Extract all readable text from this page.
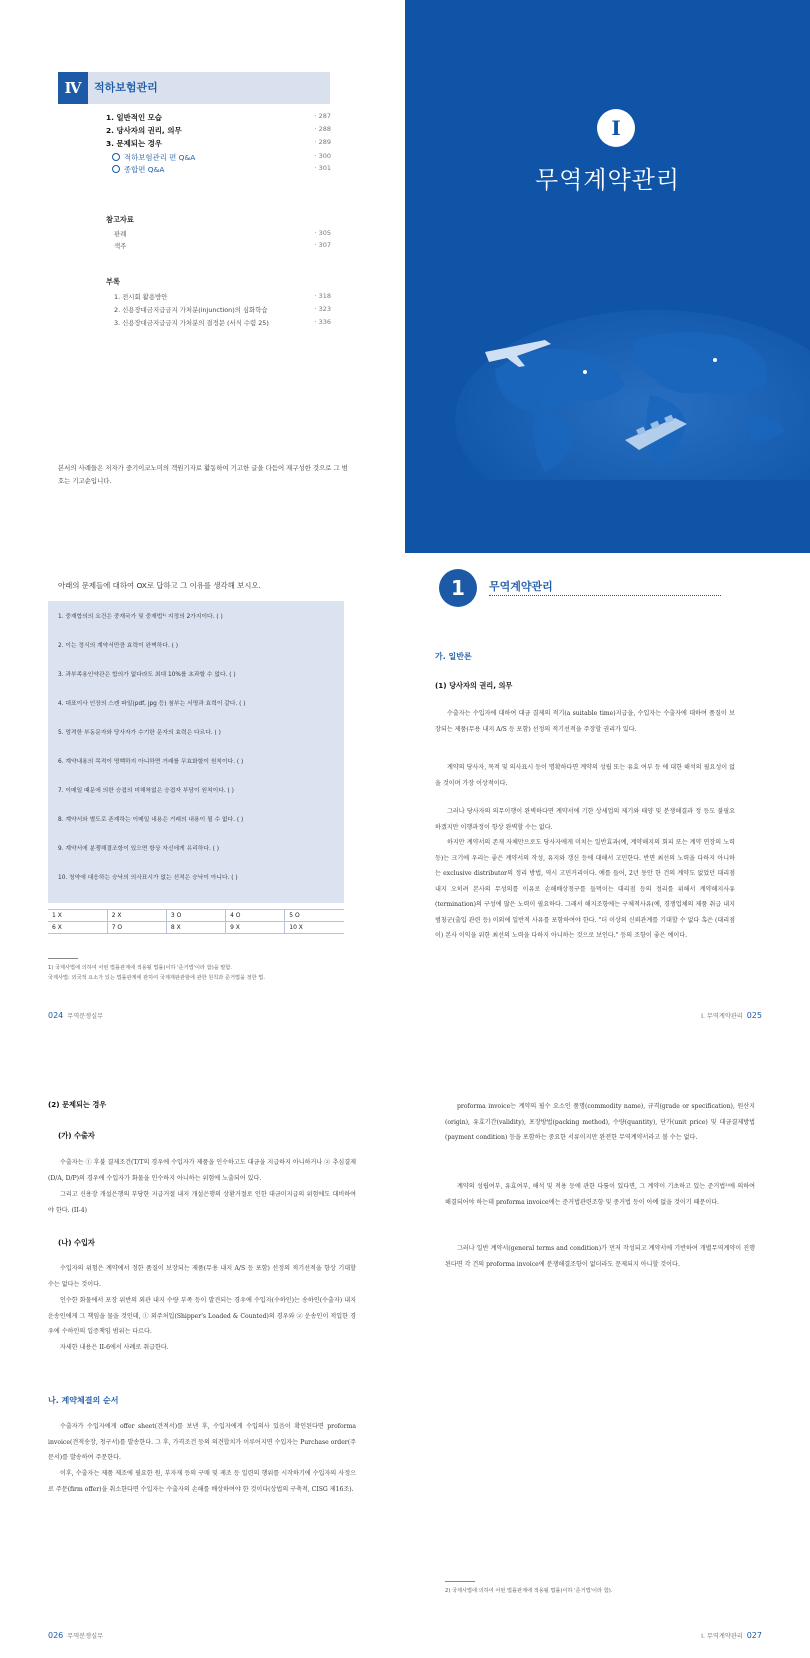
Ⅳ	적하보험관리
1. 일반적인 모습	· 287
2. 당사자의 권리, 의무	· 288
3. 문제되는 경우	· 289
적하보험관리 편 Q&A	· 300
종합편 Q&A	· 301
참고자료
판례	· 305
색주	· 307
부록
1. 전시회 활용방안	· 318
2. 신용장대금지급금지 가처분(injunction)의 심화학습	· 323
3. 신용장대금지급금지 가처분의 결정문 (서식 수렴 25)	· 336
본서의 사례들은 저자가 중기이코노미의 객원기자로 활동하여 기고한 글을 다듬어 재구성한 것으로 그 범호는 기고순입니다.
I
무역계약관리
아래의 문제들에 대하여 OX로 답하고 그 이유를 생각해 보시오.
1. 중재합의의 요건은 중재국가 및 중재법¹⁾ 지정의 2가지이다. ( )
2. 이는 정식의 계약서만큼 효력이 완벽하다. ( )
3. 과부족용인약관은 합의가 없다라도 최대 10%를 초과할 수 없다. ( )
4. 대표이사 인장의 스캔 파일(pdf, jpg 등) 첨부는 서명과 효력이 같다. ( )
5. 엄격한 부동문자와 당사자가 수기한 문자의 효력은 다르다. ( )
6. 계약내용의 목적이 명백하지 아니하면 거래를 무효화할이 원칙이다. ( )
7. 이메일 때문에 의한 승겹의 미해착없은 승겹자 부담이 원칙이다. ( )
8. 계약서와 별도로 존재하는 이메일 내용은 거래의 내용이 될 수 없다. ( )
9. 계약서에 분쟁해결조항이 있으면 항상 자신에게 유리하다. ( )
10. 청약에 대응하는 승낙의 의사표시가 없는 선적은 승낙이 아니다. ( )
1 X	2 X	3 O	4 O	5 O
6 X	7 O	8 X	9 X	10 X
1) 국제사법에 의하여 어떤 법률관계에 적용될 법률(이하 '준거법'이라 함)을 말함.
국제사법: 외국적 요소가 있는 법률관계에 관하여 국제재판관할에 관한 원칙과 준거법을 정한 법.
024 무역분쟁실무
1	무역계약관리
가. 일반론
(1) 당사자의 권리, 의무
수출자는 수입자에 대하여 대금 결제의 적기(a suitable time)지급을, 수입자는 수출자에 대하여 품질이 보장되는 제품(무용 내지 A/S 등 포함) 선정의 적기선적을 주장할 권리가 있다.
계약의 당사자, 목적 및 의사표시 등이 명확하다면 계약의 성립 또는 유효 여부 등 에 대한 해석의 필요성이 없을 것이며 가장 이상적이다.
그러나 당사자의 의무이행이 완벽하다면 계약서에 기한 상세업의 제기와 태양 및 분쟁해결과 정 등도 불필요하겠지만 이행과정이 항상 완벽할 수는 없다.
하지만 계약서의 존재 자체만으로도 당사자에게 미치는 일반효과(예, 계약해지의 회피 또는 계약 연장의 노력 등)는 크기에 우리는 좋은 계약서의 작성, 유지와 갱신 등에 대해서 고민한다. 반면 최선의 노력을 다하지 아니하는 exclusive distributor의 정리 방법, 역시 고민거리이다. 예를 들어, 2년 동안 한 건의 계약도 없었던 대리점 내지 오히려 본사의 무성의를 이유로 손해배상청구를 들먹이는 대리점 등의 정리를 위해서 계약해지사유(termination)의 구성에 많은 노력이 필요하다. 그래서 해지조항에는 구체적사유(예, 경쟁업체의 제품 취급 내지 범칭군(출입 관련 등) 이외에 일반적 사유를 포함하여야 한다. "더 이상의 신뢰관계를 기대할 수 없다 혹은 (대리점이) 본사 이익을 위한 최선의 노력을 다하지 아니하는 것으로 보인다." 등의 조항이 좋은 예이다.
I. 무역계약관리 025
(2) 문제되는 경우
(가) 수출자
수출자는 ① 후불 결제조건(T/T의 경우에 수입자가 제품을 인수하고도 대금을 지급하지 아니하거나 ② 추심결제(D/A, D/P)의 경우에 수입자가 화물을 인수하지 아니하는 위험에 노출되어 있다.
그리고 신용장 개설은행의 부당한 지급거절 내지 개설은행의 상환거절로 인한 대금미지급의 위험에도 대비하여야 한다. (II-4)
(나) 수입자
수입자의 위험은 계약에서 정한 품질이 보장되는 제품(무용 내지 A/S 등 포함) 선정의 적기선적을 항상 기대할 수는 없다는 것이다.
인수한 화물에서 포장 위반의 외관 내지 수량 부족 등이 발견되는 경우에 수입자(수하인)는 송하인(수출자) 내지 운송인에게 그 책임을 물을 것인데, ① 외주처입(Shipper's Loaded & Counted)의 경우와 ② 운송인이 적입한 경우에 수하인의 입증책임 범위는 다르다.
자세한 내용은 II-6에서 사례로 취급한다.
나. 계약체결의 순서
수출자가 수입자에게 offer sheet(견적서)를 보낸 후, 수입자에게 수입의사 있음이 확인된다면 proforma invoice(견적송장, 청구서)를 발송한다. 그 후, 가격조건 등의 의견합치가 이루어지면 수입자는 Purchase order(주문서)를 발송하여 주문한다.
이후, 수출자는 제품 제조에 필요한 원, 부자재 등의 구매 및 제조 등 일련의 행위를 시작하기에 수입자의 사정으로 주문(firm offer)을 취소한다면 수입자는 수출자의 손해를 배상하여야 한 것이다(상법의 구축적, CISG 제16조).
026 무역분쟁실무
proforma invoice는 계약의 필수 요소인 품명(commodity name), 규격(grade or specification), 원산지(origin), 유효기간(validity), 포장방법(packing method), 수량(quantity), 단가(unit price) 및 대금결제방법(payment condition) 등을 포함하는 중요한 서류이지만 완전한 무역계약서라고 볼 수는 없다.
계약의 성립여부, 유효여부, 해석 및 적용 등에 관한 다툼이 있다면, 그 계약이 기초하고 있는 준거법²⁾에 의하여 해결되어야 하는데 proforma invoice에는 준거법관련조항 및 중거법 등이 아예 없을 것이기 때문이다.
그러나 일반 계약서(general terms and condition)가 먼저 작성되고 계약서에 기반하여 개별무역계약이 진행된다면 각 건의 proforma invoice에 분쟁해결조항이 없더라도 문제되지 아니할 것이다.
2) 국제사법에 의하여 어떤 법률관계에 적용될 법률(이하 '준거법'이라 함).
I. 무역계약관리 027
